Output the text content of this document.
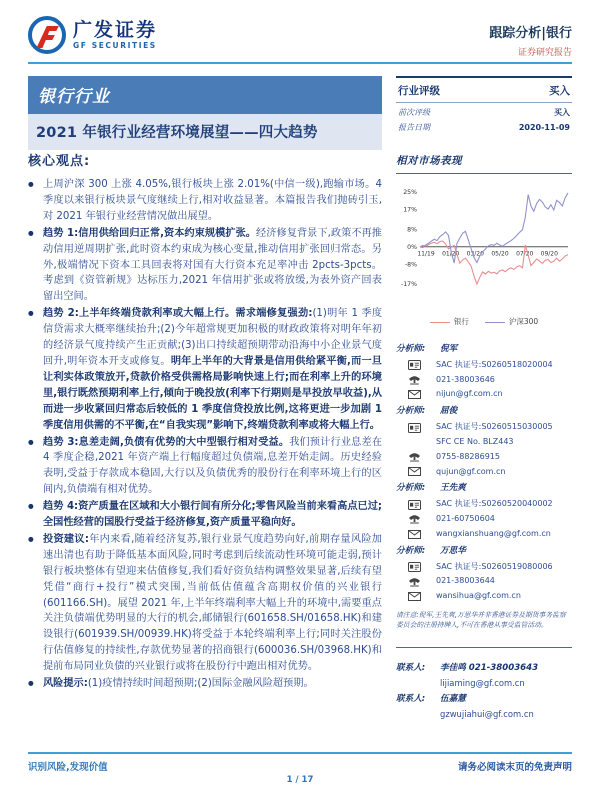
广发证券
GF SECURITIES
跟踪分析|银行
证券研究报告
银行行业
2021 年银行业经营环境展望——四大趋势
行业评级	买入
前次评级	买入
报告日期	2020-11-09
相对市场表现
25%
17%
8%
0%
-8%
-17%
11/19 01/20 03/20 05/20 07/20 09/20
银行	沪深300
分析师:	倪军
SAC 执证号:S0260518020004
021-38003646
nijun@gf.com.cn
分析师:	屈俊
SAC 执证号:S0260515030005
SFC CE No. BLZ443
0755-88286915
qujun@gf.com.cn
分析师:	王先爽
SAC 执证号:S0260520040002
021-60750604
wangxianshuang@gf.com.cn
分析师:	万思华
SAC 执证号:S0260519080006
021-38003644
wansihua@gf.com.cn
请注意:倪军,王先爽,万思华并非香港证券及期货事务监察委员会的注册持牌人,不可在香港从事受监管活动。
联系人:	李佳鸣 021-38003643
lijiaming@gf.com.cn
联系人:	伍嘉慧
gzwujiahui@gf.com.cn
核心观点:
● 上周沪深 300 上涨 4.05%,银行板块上涨 2.01%(中信一级),跑输市场。4 季度以来银行板块景气度继续上行,相对收益显著。本篇报告我们抛砖引玉,对 2021 年银行业经营情况做出展望。
● 趋势 1:信用供给回归正常,资本约束规模扩张。经济修复背景下,政策不再推动信用逆周期扩张,此时资本约束成为核心变量,推动信用扩张回归常态。另外,极端情况下资本工具回表将对国有大行资本充足率冲击 2pcts-3pcts。考虑到《资管新规》达标压力,2021 年信用扩张或将放缓,为表外资产回表留出空间。
● 趋势 2:上半年终端贷款利率或大幅上行。需求端修复强劲:(1)明年 1 季度信贷需求大概率继续抬升;(2)今年超常规更加积极的财政政策将对明年年初的经济景气度持续产生正贡献;(3)出口持续超预期带动沿海中小企业景气度回升,明年资本开支或修复。明年上半年的大背景是信用供给紧平衡,而一旦让利实体政策放开,贷款价格受供需格局影响快速上行;而在利率上升的环境里,银行既然预期利率上行,倾向于晚投放(利率下行期则是早投放早收益),从而进一步收紧回归常态后较低的 1 季度信贷投放比例,这将更进一步加剧 1 季度信用供需的不平衡,在“自我实现”影响下,终端贷款利率或将大幅上行。
● 趋势 3:息差走阔,负债有优势的大中型银行相对受益。我们预计行业息差在 4 季度企稳,2021 年资产端上行幅度超过负债端,息差开始走阔。历史经验表明,受益于存款成本稳固,大行以及负债优秀的股份行在利率环境上行的区间内,负债端有相对优势。
● 趋势 4:资产质量在区域和大小银行间有所分化;零售风险当前来看高点已过;全国性经营的国股行受益于经济修复,资产质量平稳向好。
● 投资建议:年内来看,随着经济复苏,银行业景气度趋势向好,前期存量风险加速出清也有助于降低基本面风险,同时考虑到后续流动性环境可能走弱,预计银行板块整体有望迎来估值修复,我们看好资负结构调整效果显著,后续有望凭借“商行+投行”模式突围,当前低估值蕴含高期权价值的兴业银行(601166.SH)。展望 2021 年,上半年终端利率大幅上升的环境中,需要重点关注负债端优势明显的大行的机会,邮储银行(601658.SH/01658.HK)和建设银行(601939.SH/00939.HK)将受益于本轮终端利率上行;同时关注股份行估值修复的持续性,存款优势显著的招商银行(600036.SH/03968.HK)和提前布局同业负债的兴业银行或将在股份行中跑出相对优势。
● 风险提示:(1)疫情持续时间超预期;(2)国际金融风险超预期。
识别风险,发现价值	请务必阅读末页的免责声明
1 / 17
